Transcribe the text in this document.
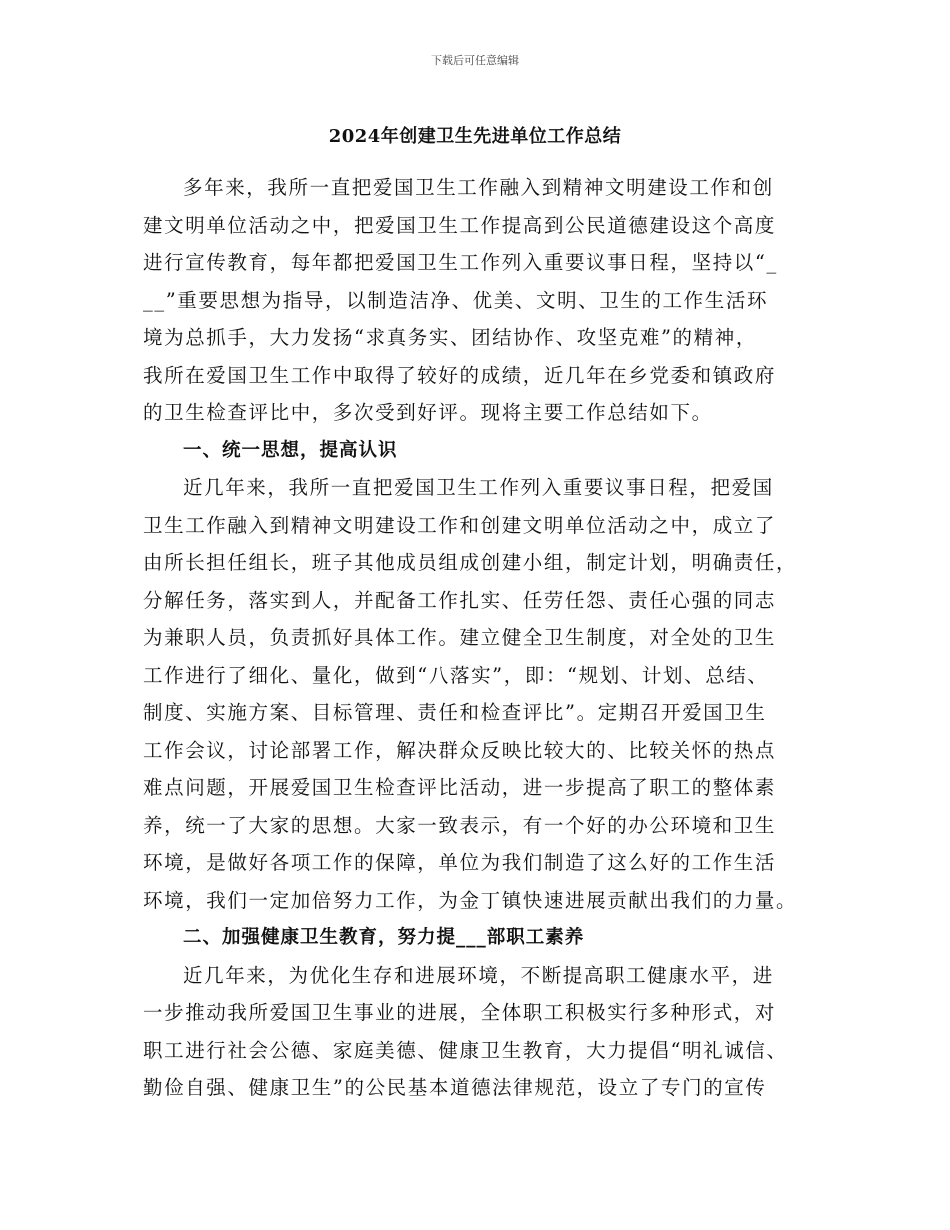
下载后可任意编辑
2024年创建卫生先进单位工作总结
多年来，我所一直把爱国卫生工作融入到精神文明建设工作和创
建文明单位活动之中，把爱国卫生工作提高到公民道德建设这个高度
进行宣传教育，每年都把爱国卫生工作列入重要议事日程，坚持以“_
__”重要思想为指导，以制造洁净、优美、文明、卫生的工作生活环
境为总抓手，大力发扬“求真务实、团结协作、攻坚克难”的精神，
我所在爱国卫生工作中取得了较好的成绩，近几年在乡党委和镇政府
的卫生检查评比中，多次受到好评。现将主要工作总结如下。
一、统一思想，提高认识
近几年来，我所一直把爱国卫生工作列入重要议事日程，把爱国
卫生工作融入到精神文明建设工作和创建文明单位活动之中，成立了
由所长担任组长，班子其他成员组成创建小组，制定计划，明确责任，
分解任务，落实到人，并配备工作扎实、任劳任怨、责任心强的同志
为兼职人员，负责抓好具体工作。建立健全卫生制度，对全处的卫生
工作进行了细化、量化，做到“八落实”，即：“规划、计划、总结、
制度、实施方案、目标管理、责任和检查评比”。定期召开爱国卫生
工作会议，讨论部署工作，解决群众反映比较大的、比较关怀的热点
难点问题，开展爱国卫生检查评比活动，进一步提高了职工的整体素
养，统一了大家的思想。大家一致表示，有一个好的办公环境和卫生
环境，是做好各项工作的保障，单位为我们制造了这么好的工作生活
环境，我们一定加倍努力工作，为金丁镇快速进展贡献出我们的力量。
二、加强健康卫生教育，努力提___部职工素养
近几年来，为优化生存和进展环境，不断提高职工健康水平，进
一步推动我所爱国卫生事业的进展，全体职工积极实行多种形式，对
职工进行社会公德、家庭美德、健康卫生教育，大力提倡“明礼诚信、
勤俭自强、健康卫生”的公民基本道德法律规范，设立了专门的宣传
